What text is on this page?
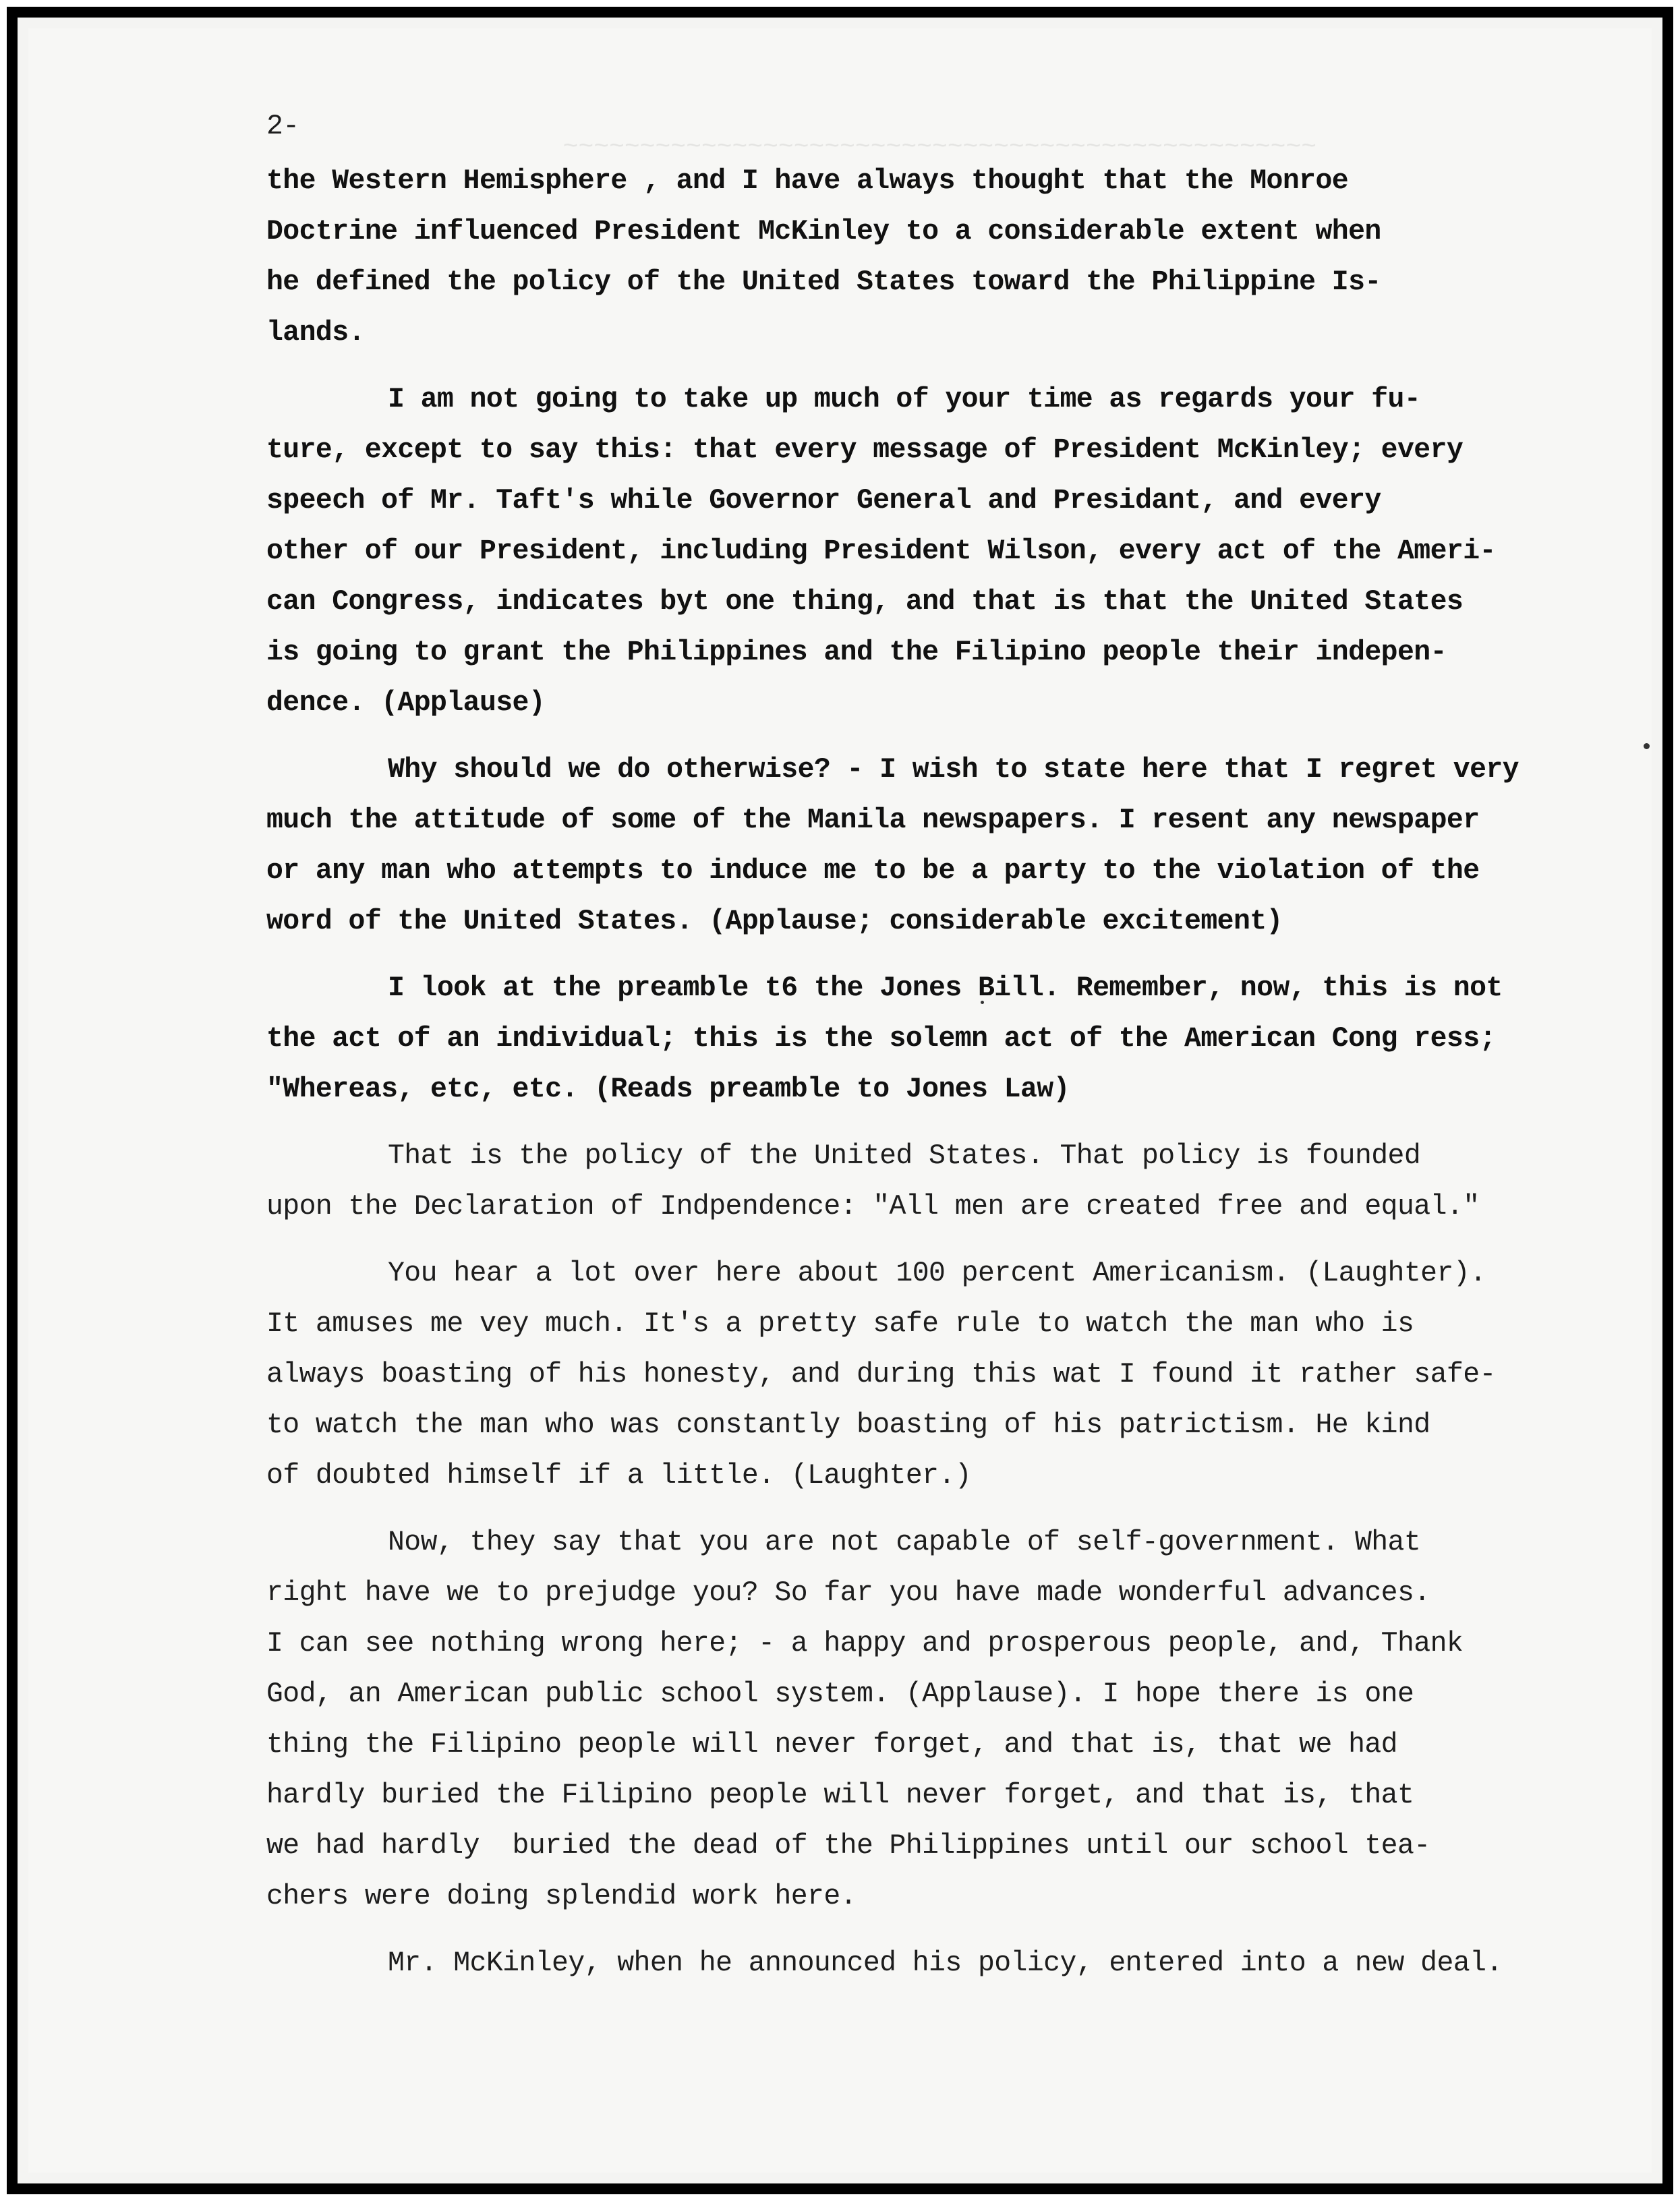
~~~~~~~~~~~~~~~~~~~~~~~~~~~~~~~~~~~~~~~~~~~~~~~~~
2-
the Western Hemisphere , and I have always thought that the Monroe
Doctrine influenced President McKinley to a considerable extent when
he defined the policy of the United States toward the Philippine Is-
lands.
I am not going to take up much of your time as regards your fu-
ture, except to say this: that every message of President McKinley; every
speech of Mr. Taft's while Governor General and Presidant, and every
other of our President, including President Wilson, every act of the Ameri-
can Congress, indicates byt one thing, and that is that the United States
is going to grant the Philippines and the Filipino people their indepen-
dence. (Applause)
Why should we do otherwise? - I wish to state here that I regret very
much the attitude of some of the Manila newspapers. I resent any newspaper
or any man who attempts to induce me to be a party to the violation of the
word of the United States. (Applause; considerable excitement)
I look at the preamble t6 the Jones Bill. Remember, now, this is not
the act of an individual; this is the solemn act of the American Cong ress;
"Whereas, etc, etc. (Reads preamble to Jones Law)
That is the policy of the United States. That policy is founded
upon the Declaration of Indpendence: "All men are created free and equal."
You hear a lot over here about 100 percent Americanism. (Laughter).
It amuses me vey much. It's a pretty safe rule to watch the man who is
always boasting of his honesty, and during this wat I found it rather safe-
to watch the man who was constantly boasting of his patrictism. He kind
of doubted himself if a little. (Laughter.)
Now, they say that you are not capable of self-government. What
right have we to prejudge you? So far you have made wonderful advances.
I can see nothing wrong here; - a happy and prosperous people, and, Thank
God, an American public school system. (Applause). I hope there is one
thing the Filipino people will never forget, and that is, that we had
hardly buried the Filipino people will never forget, and that is, that
we had hardly  buried the dead of the Philippines until our school tea-
chers were doing splendid work here.
Mr. McKinley, when he announced his policy, entered into a new deal.
